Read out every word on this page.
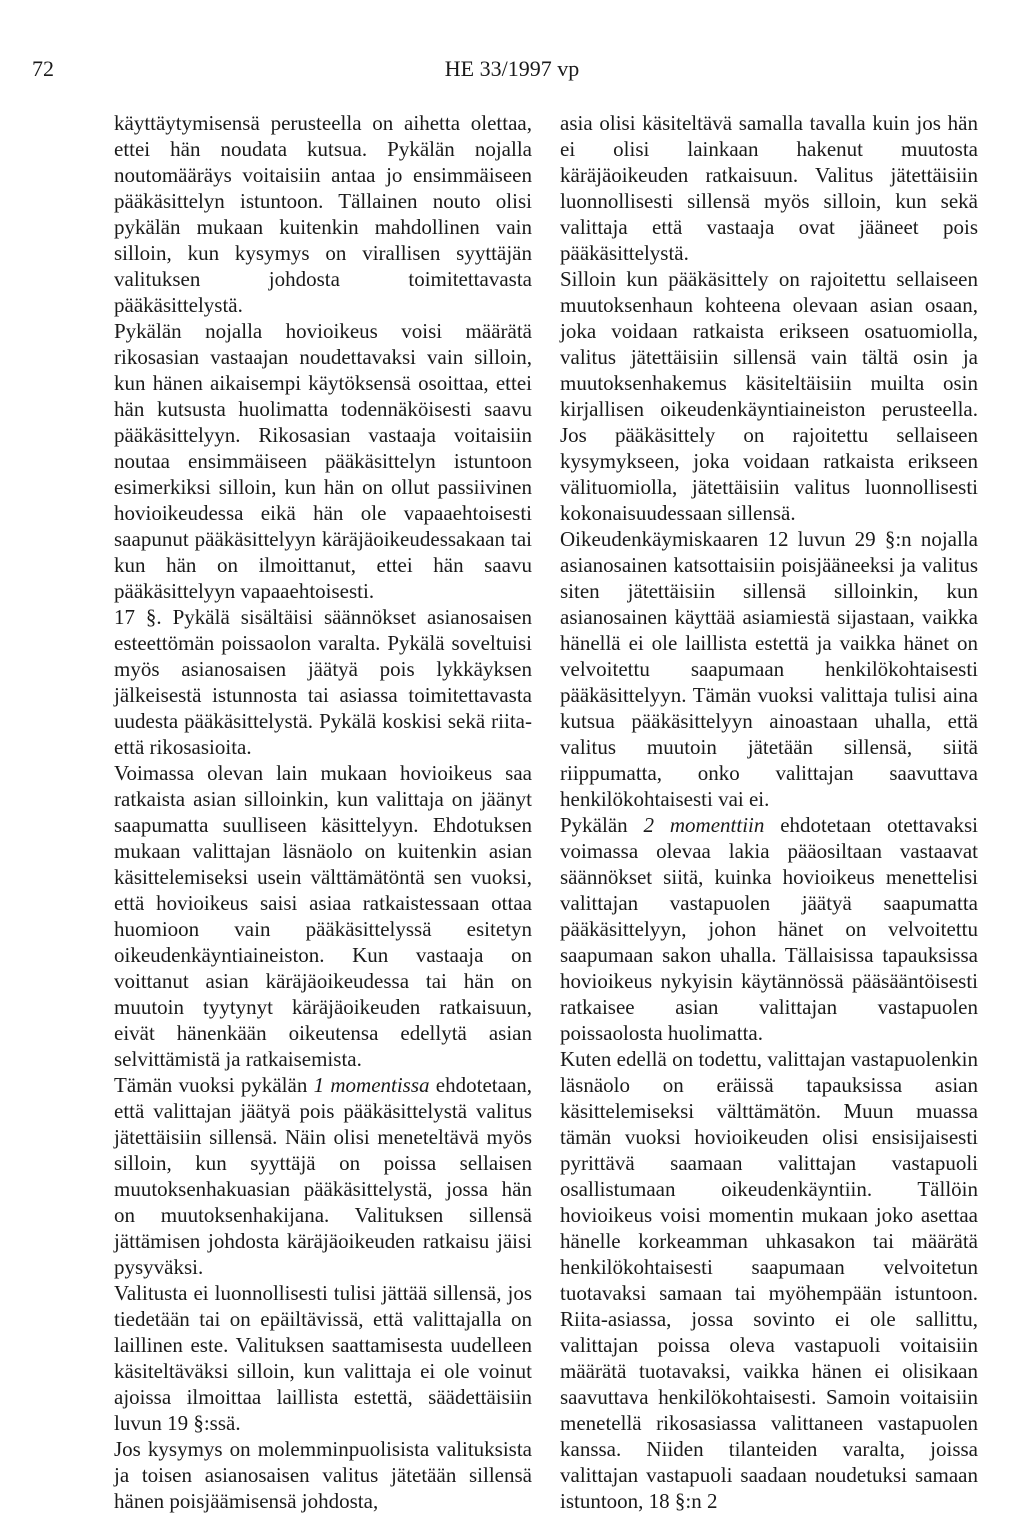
72	HE 33/1997 vp

käyttäytymisensä perusteella on aihetta olettaa, ettei hän noudata kutsua. Pykälän nojalla noutomääräys voitaisiin antaa jo ensimmäiseen pääkäsittelyn istuntoon. Tällainen nouto olisi pykälän mukaan kuitenkin mahdollinen vain silloin, kun kysymys on virallisen syyttäjän valituksen johdosta toimitettavasta pääkäsittelystä.

Pykälän nojalla hovioikeus voisi määrätä rikosasian vastaajan noudettavaksi vain silloin, kun hänen aikaisempi käytöksensä osoittaa, ettei hän kutsusta huolimatta todennäköisesti saavu pääkäsittelyyn. Rikosasian vastaaja voitaisiin noutaa ensimmäiseen pääkäsittelyn istuntoon esimerkiksi silloin, kun hän on ollut passiivinen hovioikeudessa eikä hän ole vapaaehtoisesti saapunut pääkäsittelyyn käräjäoikeudessakaan tai kun hän on ilmoittanut, ettei hän saavu pääkäsittelyyn vapaaehtoisesti.

17 §. Pykälä sisältäisi säännökset asianosaisen esteettömän poissaolon varalta. Pykälä soveltuisi myös asianosaisen jäätyä pois lykkäyksen jälkeisestä istunnosta tai asiassa toimitettavasta uudesta pääkäsittelystä. Pykälä koskisi sekä riita- että rikosasioita.

Voimassa olevan lain mukaan hovioikeus saa ratkaista asian silloinkin, kun valittaja on jäänyt saapumatta suulliseen käsittelyyn. Ehdotuksen mukaan valittajan läsnäolo on kuitenkin asian käsittelemiseksi usein välttämätöntä sen vuoksi, että hovioikeus saisi asiaa ratkaistessaan ottaa huomioon vain pääkäsittelyssä esitetyn oikeudenkäyntiaineiston. Kun vastaaja on voittanut asian käräjäoikeudessa tai hän on muutoin tyytynyt käräjäoikeuden ratkaisuun, eivät hänenkään oikeutensa edellytä asian selvittämistä ja ratkaisemista.

Tämän vuoksi pykälän 1 momentissa ehdotetaan, että valittajan jäätyä pois pääkäsittelystä valitus jätettäisiin sillensä. Näin olisi meneteltävä myös silloin, kun syyttäjä on poissa sellaisen muutoksenhakuasian pääkäsittelystä, jossa hän on muutoksenhakijana. Valituksen sillensä jättämisen johdosta käräjäoikeuden ratkaisu jäisi pysyväksi.

Valitusta ei luonnollisesti tulisi jättää sillensä, jos tiedetään tai on epäiltävissä, että valittajalla on laillinen este. Valituksen saattamisesta uudelleen käsiteltäväksi silloin, kun valittaja ei ole voinut ajoissa ilmoittaa laillista estettä, säädettäisiin luvun 19 §:ssä.

Jos kysymys on molemminpuolisista valituksista ja toisen asianosaisen valitus jätetään sillensä hänen poisjäämisensä johdosta,

asia olisi käsiteltävä samalla tavalla kuin jos hän ei olisi lainkaan hakenut muutosta käräjäoikeuden ratkaisuun. Valitus jätettäisiin luonnollisesti sillensä myös silloin, kun sekä valittaja että vastaaja ovat jääneet pois pääkäsittelystä.

Silloin kun pääkäsittely on rajoitettu sellaiseen muutoksenhaun kohteena olevaan asian osaan, joka voidaan ratkaista erikseen osatuomiolla, valitus jätettäisiin sillensä vain tältä osin ja muutoksenhakemus käsiteltäisiin muilta osin kirjallisen oikeudenkäyntiaineiston perusteella. Jos pääkäsittely on rajoitettu sellaiseen kysymykseen, joka voidaan ratkaista erikseen välituomiolla, jätettäisiin valitus luonnollisesti kokonaisuudessaan sillensä.

Oikeudenkäymiskaaren 12 luvun 29 §:n nojalla asianosainen katsottaisiin poisjääneeksi ja valitus siten jätettäisiin sillensä silloinkin, kun asianosainen käyttää asiamiestä sijastaan, vaikka hänellä ei ole laillista estettä ja vaikka hänet on velvoitettu saapumaan henkilökohtaisesti pääkäsittelyyn. Tämän vuoksi valittaja tulisi aina kutsua pääkäsittelyyn ainoastaan uhalla, että valitus muutoin jätetään sillensä, siitä riippumatta, onko valittajan saavuttava henkilökohtaisesti vai ei.

Pykälän 2 momenttiin ehdotetaan otettavaksi voimassa olevaa lakia pääosiltaan vastaavat säännökset siitä, kuinka hovioikeus menettelisi valittajan vastapuolen jäätyä saapumatta pääkäsittelyyn, johon hänet on velvoitettu saapumaan sakon uhalla. Tällaisissa tapauksissa hovioikeus nykyisin käytännössä pääsääntöisesti ratkaisee asian valittajan vastapuolen poissaolosta huolimatta.

Kuten edellä on todettu, valittajan vastapuolenkin läsnäolo on eräissä tapauksissa asian käsittelemiseksi välttämätön. Muun muassa tämän vuoksi hovioikeuden olisi ensisijaisesti pyrittävä saamaan valittajan vastapuoli osallistumaan oikeudenkäyntiin. Tällöin hovioikeus voisi momentin mukaan joko asettaa hänelle korkeamman uhkasakon tai määrätä henkilökohtaisesti saapumaan velvoitetun tuotavaksi samaan tai myöhempään istuntoon. Riita-asiassa, jossa sovinto ei ole sallittu, valittajan poissa oleva vastapuoli voitaisiin määrätä tuotavaksi, vaikka hänen ei olisikaan saavuttava henkilökohtaisesti. Samoin voitaisiin menetellä rikosasiassa valittaneen vastapuolen kanssa. Niiden tilanteiden varalta, joissa valittajan vastapuoli saadaan noudetuksi samaan istuntoon, 18 §:n 2
